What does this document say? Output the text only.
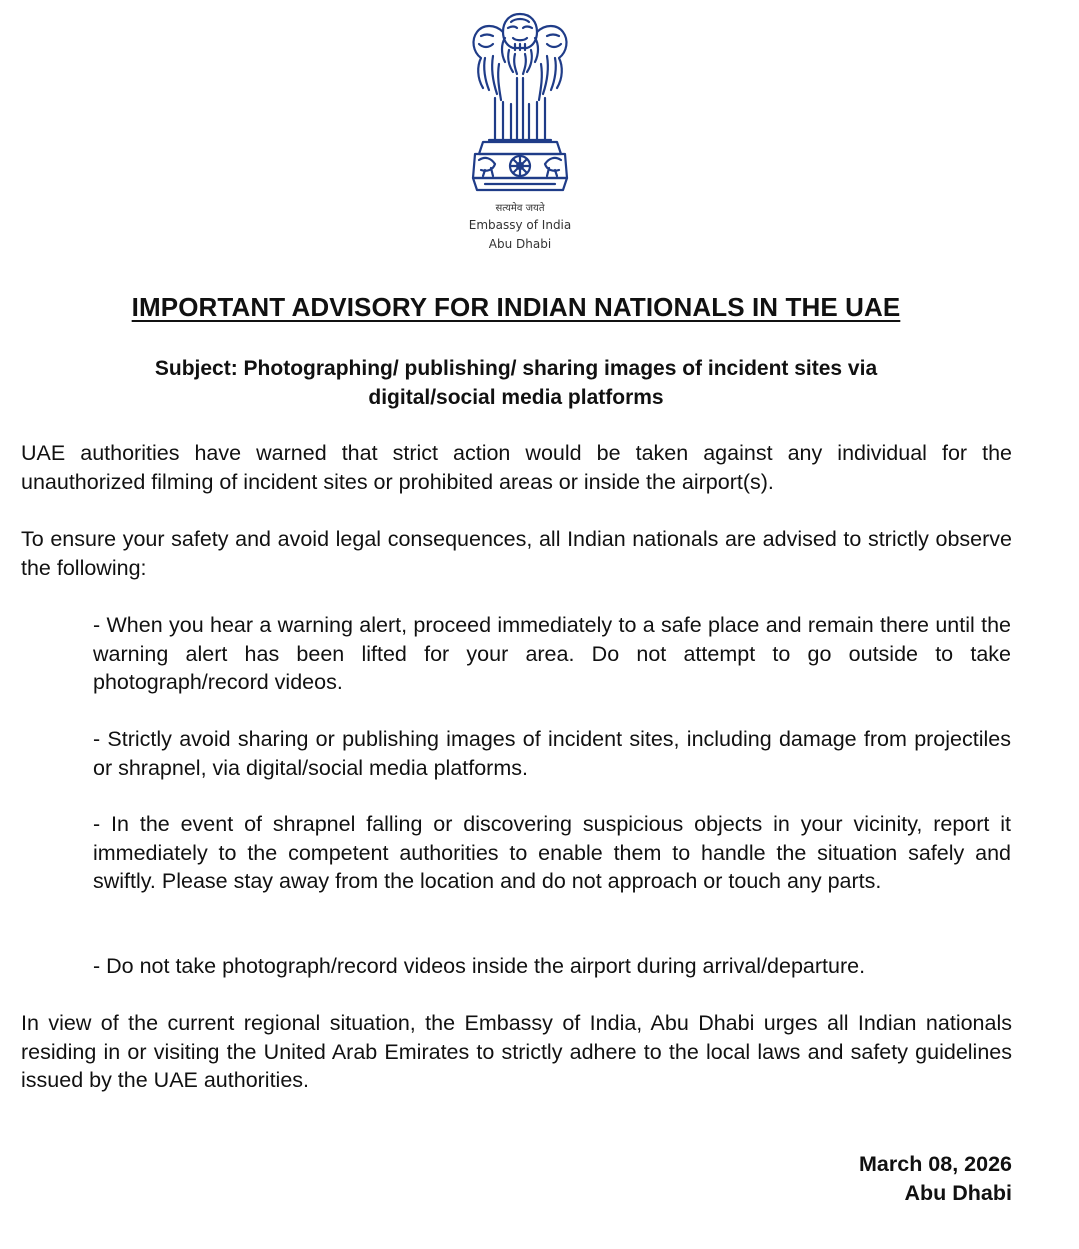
सत्यमेव जयते
Embassy of India
Abu Dhabi
IMPORTANT ADVISORY FOR INDIAN NATIONALS IN THE UAE
Subject: Photographing/ publishing/ sharing images of incident sites via
digital/social media platforms

UAE authorities have warned that strict action would be taken against any individual for the unauthorized filming of incident sites or prohibited areas or inside the airport(s).

To ensure your safety and avoid legal consequences, all Indian nationals are advised to strictly observe the following:

- When you hear a warning alert, proceed immediately to a safe place and remain there until the warning alert has been lifted for your area. Do not attempt to go outside to take photograph/record videos.

- Strictly avoid sharing or publishing images of incident sites, including damage from projectiles or shrapnel, via digital/social media platforms.

- In the event of shrapnel falling or discovering suspicious objects in your vicinity, report it immediately to the competent authorities to enable them to handle the situation safely and swiftly. Please stay away from the location and do not approach or touch any parts.

- Do not take photograph/record videos inside the airport during arrival/departure.

In view of the current regional situation, the Embassy of India, Abu Dhabi urges all Indian nationals residing in or visiting the United Arab Emirates to strictly adhere to the local laws and safety guidelines issued by the UAE authorities.

March 08, 2026
Abu Dhabi
